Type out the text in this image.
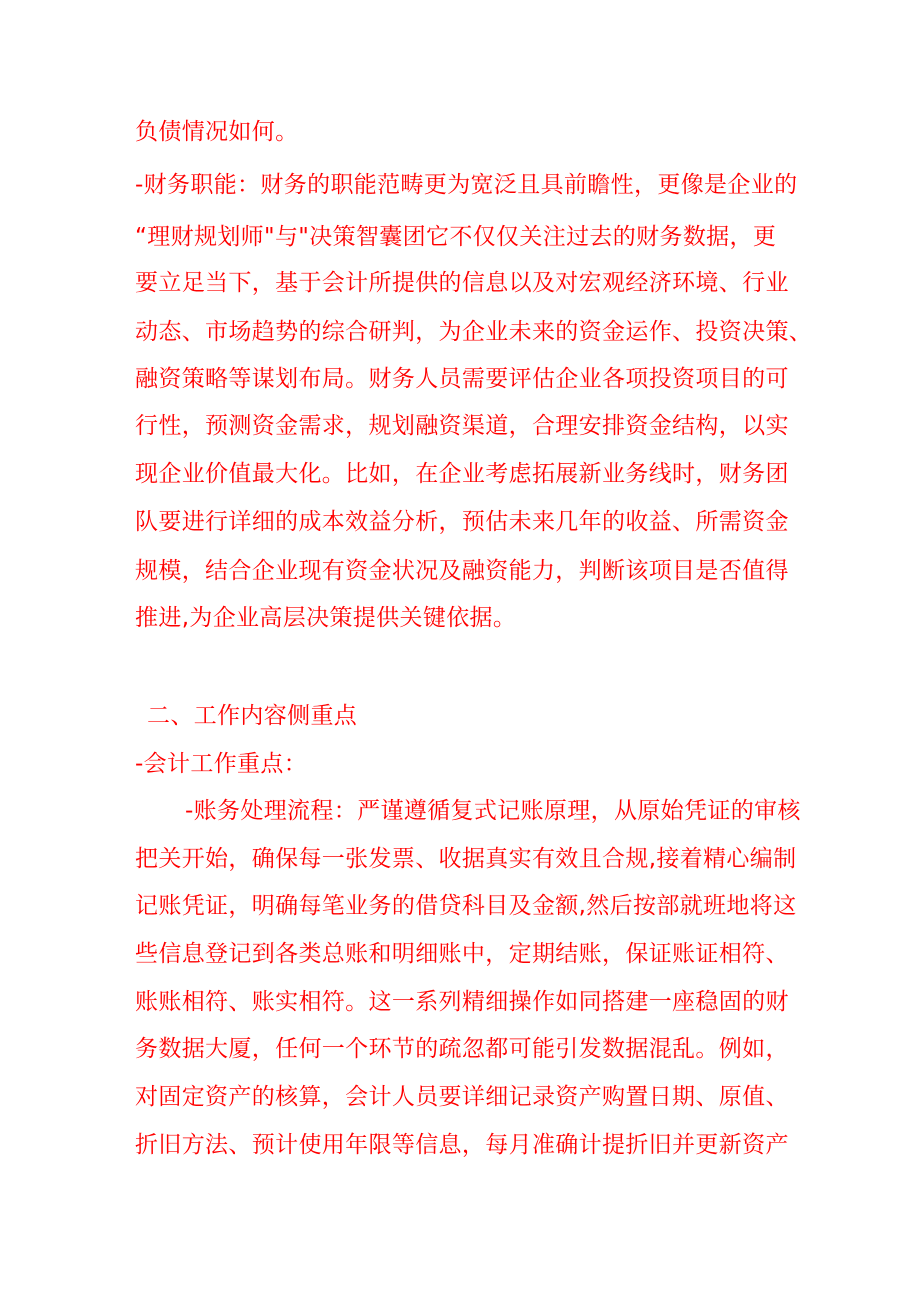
负债情况如何。
-财务职能：财务的职能范畴更为宽泛且具前瞻性，更像是企业的
“理财规划师"与"决策智囊团它不仅仅关注过去的财务数据，更
要立足当下，基于会计所提供的信息以及对宏观经济环境、行业
动态、市场趋势的综合研判，为企业未来的资金运作、投资决策、
融资策略等谋划布局。财务人员需要评估企业各项投资项目的可
行性，预测资金需求，规划融资渠道，合理安排资金结构，以实
现企业价值最大化。比如，在企业考虑拓展新业务线时，财务团
队要进行详细的成本效益分析，预估未来几年的收益、所需资金
规模，结合企业现有资金状况及融资能力，判断该项目是否值得
推进,为企业高层决策提供关键依据。
二、工作内容侧重点
-会计工作重点：
-账务处理流程：严谨遵循复式记账原理，从原始凭证的审核
把关开始，确保每一张发票、收据真实有效且合规,接着精心编制
记账凭证，明确每笔业务的借贷科目及金额,然后按部就班地将这
些信息登记到各类总账和明细账中，定期结账，保证账证相符、
账账相符、账实相符。这一系列精细操作如同搭建一座稳固的财
务数据大厦，任何一个环节的疏忽都可能引发数据混乱。例如，
对固定资产的核算，会计人员要详细记录资产购置日期、原值、
折旧方法、预计使用年限等信息，每月准确计提折旧并更新资产
